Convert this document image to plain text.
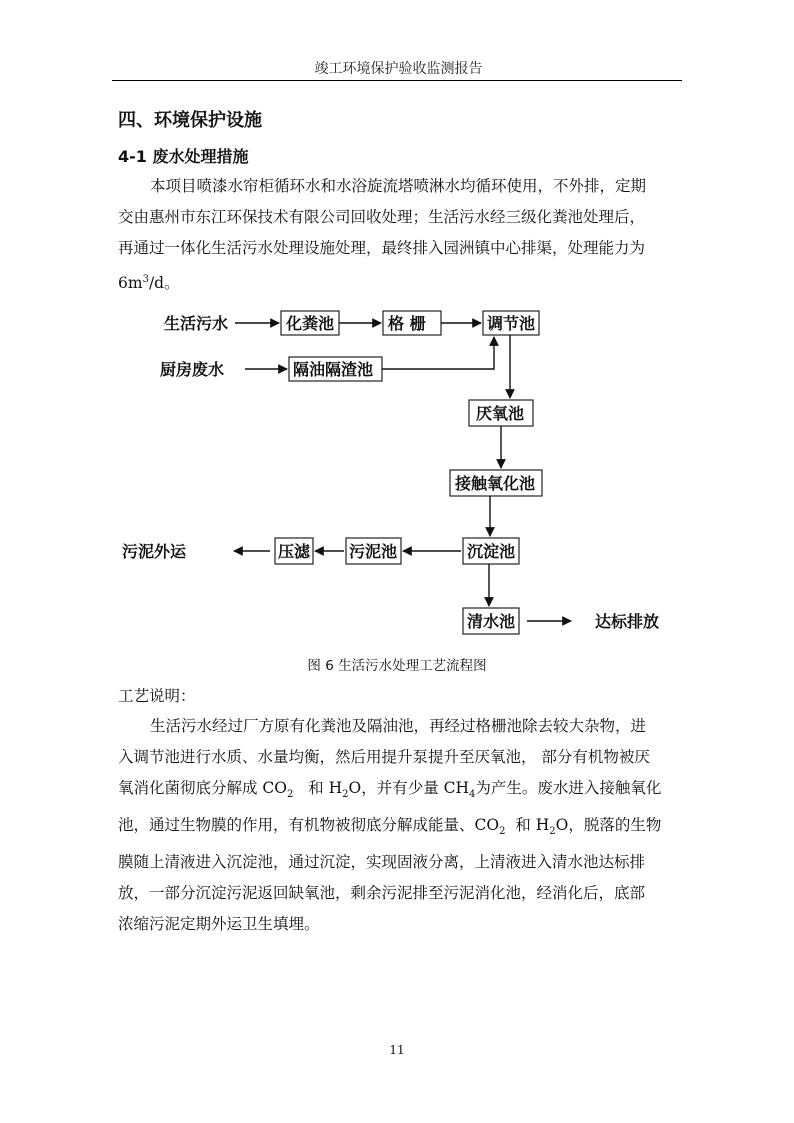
竣工环境保护验收监测报告
四、环境保护设施
4-1 废水处理措施
本项目喷漆水帘柜循环水和水浴旋流塔喷淋水均循环使用，不外排，定期
交由惠州市东江环保技术有限公司回收处理；生活污水经三级化粪池处理后，
再通过一体化生活污水处理设施处理，最终排入园洲镇中心排渠，处理能力为
$6m^3/d$。
生活污水	化粪池	格 栅	调节池
厨房废水	隔油隔渣池
厌氧池
接触氧化池
沉淀池
污泥池
压滤
污泥外运
清水池	达标排放
图 6 生活污水处理工艺流程图
工艺说明：
生活污水经过厂方原有化粪池及隔油池，再经过格栅池除去较大杂物，进
入调节池进行水质、水量均衡，然后用提升泵提升至厌氧池， 部分有机物被厌
氧消化菌彻底分解成 $CO_2$   和 $H_2O$，并有少量 $CH_4$为产生。废水进入接触氧化
池，通过生物膜的作用，有机物被彻底分解成能量、$CO_2$  和 $H_2O$，脱落的生物
膜随上清液进入沉淀池，通过沉淀，实现固液分离，上清液进入清水池达标排
放，一部分沉淀污泥返回缺氧池，剩余污泥排至污泥消化池，经消化后，底部
浓缩污泥定期外运卫生填埋。
11
